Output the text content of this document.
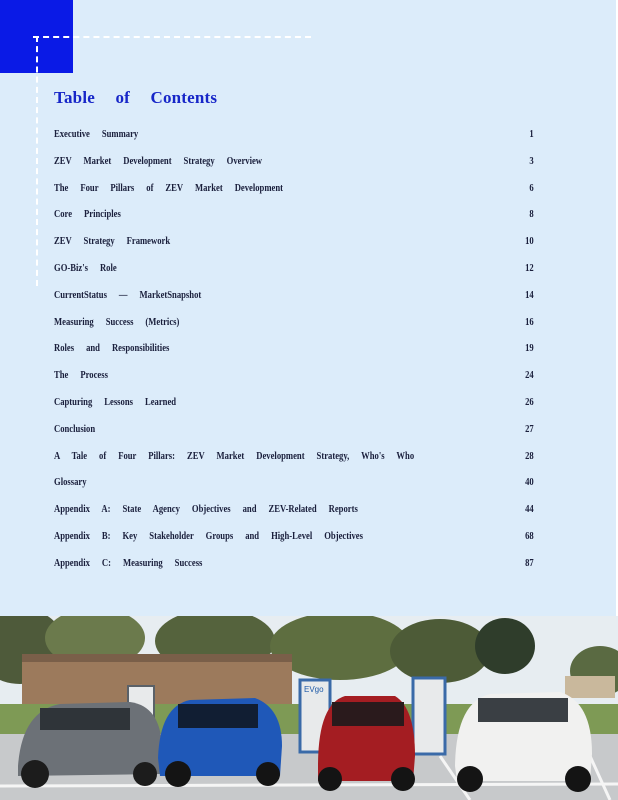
Table of Contents
Executive Summary	1
ZEV Market Development Strategy Overview	3
The Four Pillars of ZEV Market Development	6
Core Principles	8
ZEV Strategy Framework	10
GO-Biz's Role	12
CurrentStatus — MarketSnapshot	14
Measuring Success (Metrics)	16
Roles and Responsibilities	19
The Process	24
Capturing Lessons Learned	26
Conclusion	27
A Tale of Four Pillars: ZEV Market Development Strategy, Who's Who	28
Glossary	40
Appendix A: State Agency Objectives and ZEV-Related Reports	44
Appendix B: Key Stakeholder Groups and High-Level Objectives	68
Appendix C: Measuring Success	87
EVgo
